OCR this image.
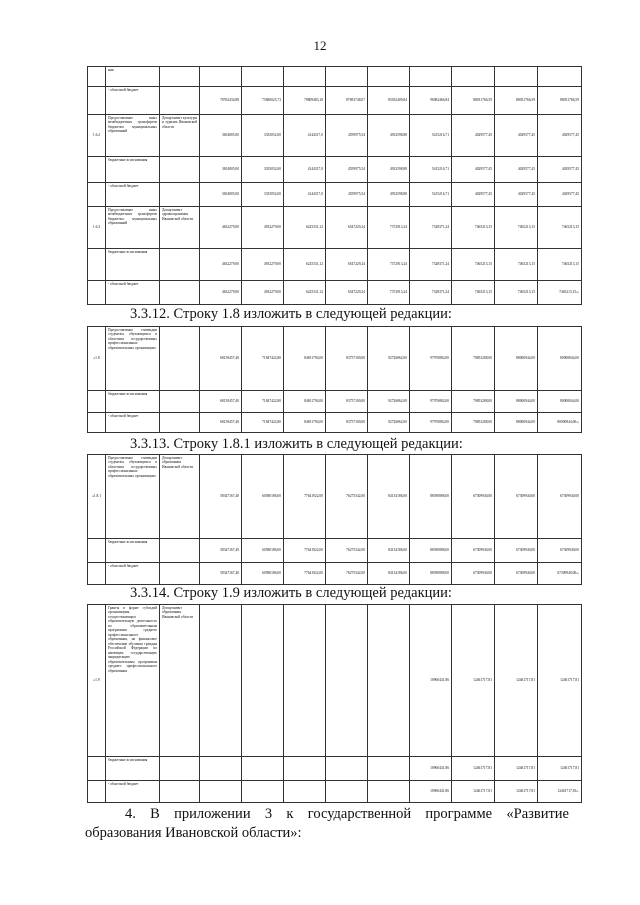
12
	ния										
	- областной бюджет		78762434,88	75680025,73	79809483,18	87693748,07	85032409,84	96982466,84	88031766,59	88031766,59	88031766,59
1.6.2	Предоставление иных межбюджетных трансфертов бюджетам муниципальных образований	Департамент культуры и туризма Ивановской области	3654805,00	3335052,00	4144317,0	4559975,54	4932598,88	5415216,71	4029577,45	4029577,45	4029577,45
	бюджетные ассигнования		3654805,00	3335052,00	4144317,0	4559975,54	4932598,88	5415216,71	4029577,45	4029577,45	4029577,45
	- областной бюджет		3654805,00	3335052,00	4144317,0	4559975,54	4932598,88	5415216,71	4029577,45	4029577,45	4029577,45
1.6.3	Предоставление иных межбюджетных трансфертов бюджетам муниципальных образований	Департамент здравоохранения Ивановской области	4632279,00	4932279,00	6225331,12	6547229,24	7372913,24	7328371,24	7465213,15	7465213,15	7465213,15
	бюджетные ассигнования		4632279,00	4932279,00	6225331,12	6547229,24	7372913,24	7328371,24	7465213,15	7465213,15	7465213,15
	- областной бюджет		4632279,00	4932279,00	6225331,12	6547229,24	7372913,24	7328371,24	7465213,15	7465213,15	7465213,15»;
3.3.12. Строку 1.8 изложить в следующей редакции:
«1.8	Предоставление стипендии студентам, обучающимся в областных государственных профессиональных образовательных организациях		68139457,40	71847422,80	84651794,00	83757100,00	92726862,00	97976882,00	79853288,00	88000944,00	80000844,00
	бюджетные ассигнования		68139457,40	71847422,80	84651794,00	83757100,00	92726862,00	97976882,00	79853288,00	88000944,00	80000844,00
	- областной бюджет		68139457,40	71847422,80	84651794,00	83757100,00	92726862,00	97976882,00	79853288,00	88000944,00	80000844,00»;
3.3.13. Строку 1.8.1 изложить в следующей редакции:
«1.8.1	Предоставление стипендии студентам, обучающимся в областных государственных профессиональных образовательных организациях	Департамент образования Ивановской области	58347167,40	60580186,00	77641922,00	76275342,00	84134186,00	88390888,00	67309940,00	67309940,00	67309940,00
	бюджетные ассигнования		58347167,40	60580186,00	77641922,00	76275342,00	84134186,00	88390888,00	67309940,00	67309940,00	67309940,00
	- областной бюджет		58347167,40	60580186,00	77641922,00	76275342,00	84134186,00	88390888,00	67309940,00	67309940,00	67309940,00»;
3.3.14. Строку 1.9 изложить в следующей редакции:
«1.9	Гранты в форме субсидий организациям, осуществляющим образовательную деятельность по образовательным программам среднего профессионального образования, на финансовое обеспечение обучения граждан Российской Федерации по имеющим государственную аккредитацию образовательным программам среднего профессионального образования	Департамент образования Ивановской области						10960441,86	12461717,81	12461717,81	12461717,81
	бюджетные ассигнования							10960441,86	12461717,81	12461717,81	12461717,81
	- областной бюджет							10960441,86	12461717,81	12461717,81	12461717,81».
4. В приложении 3 к государственной программе «Развитие
образования Ивановской области»:
